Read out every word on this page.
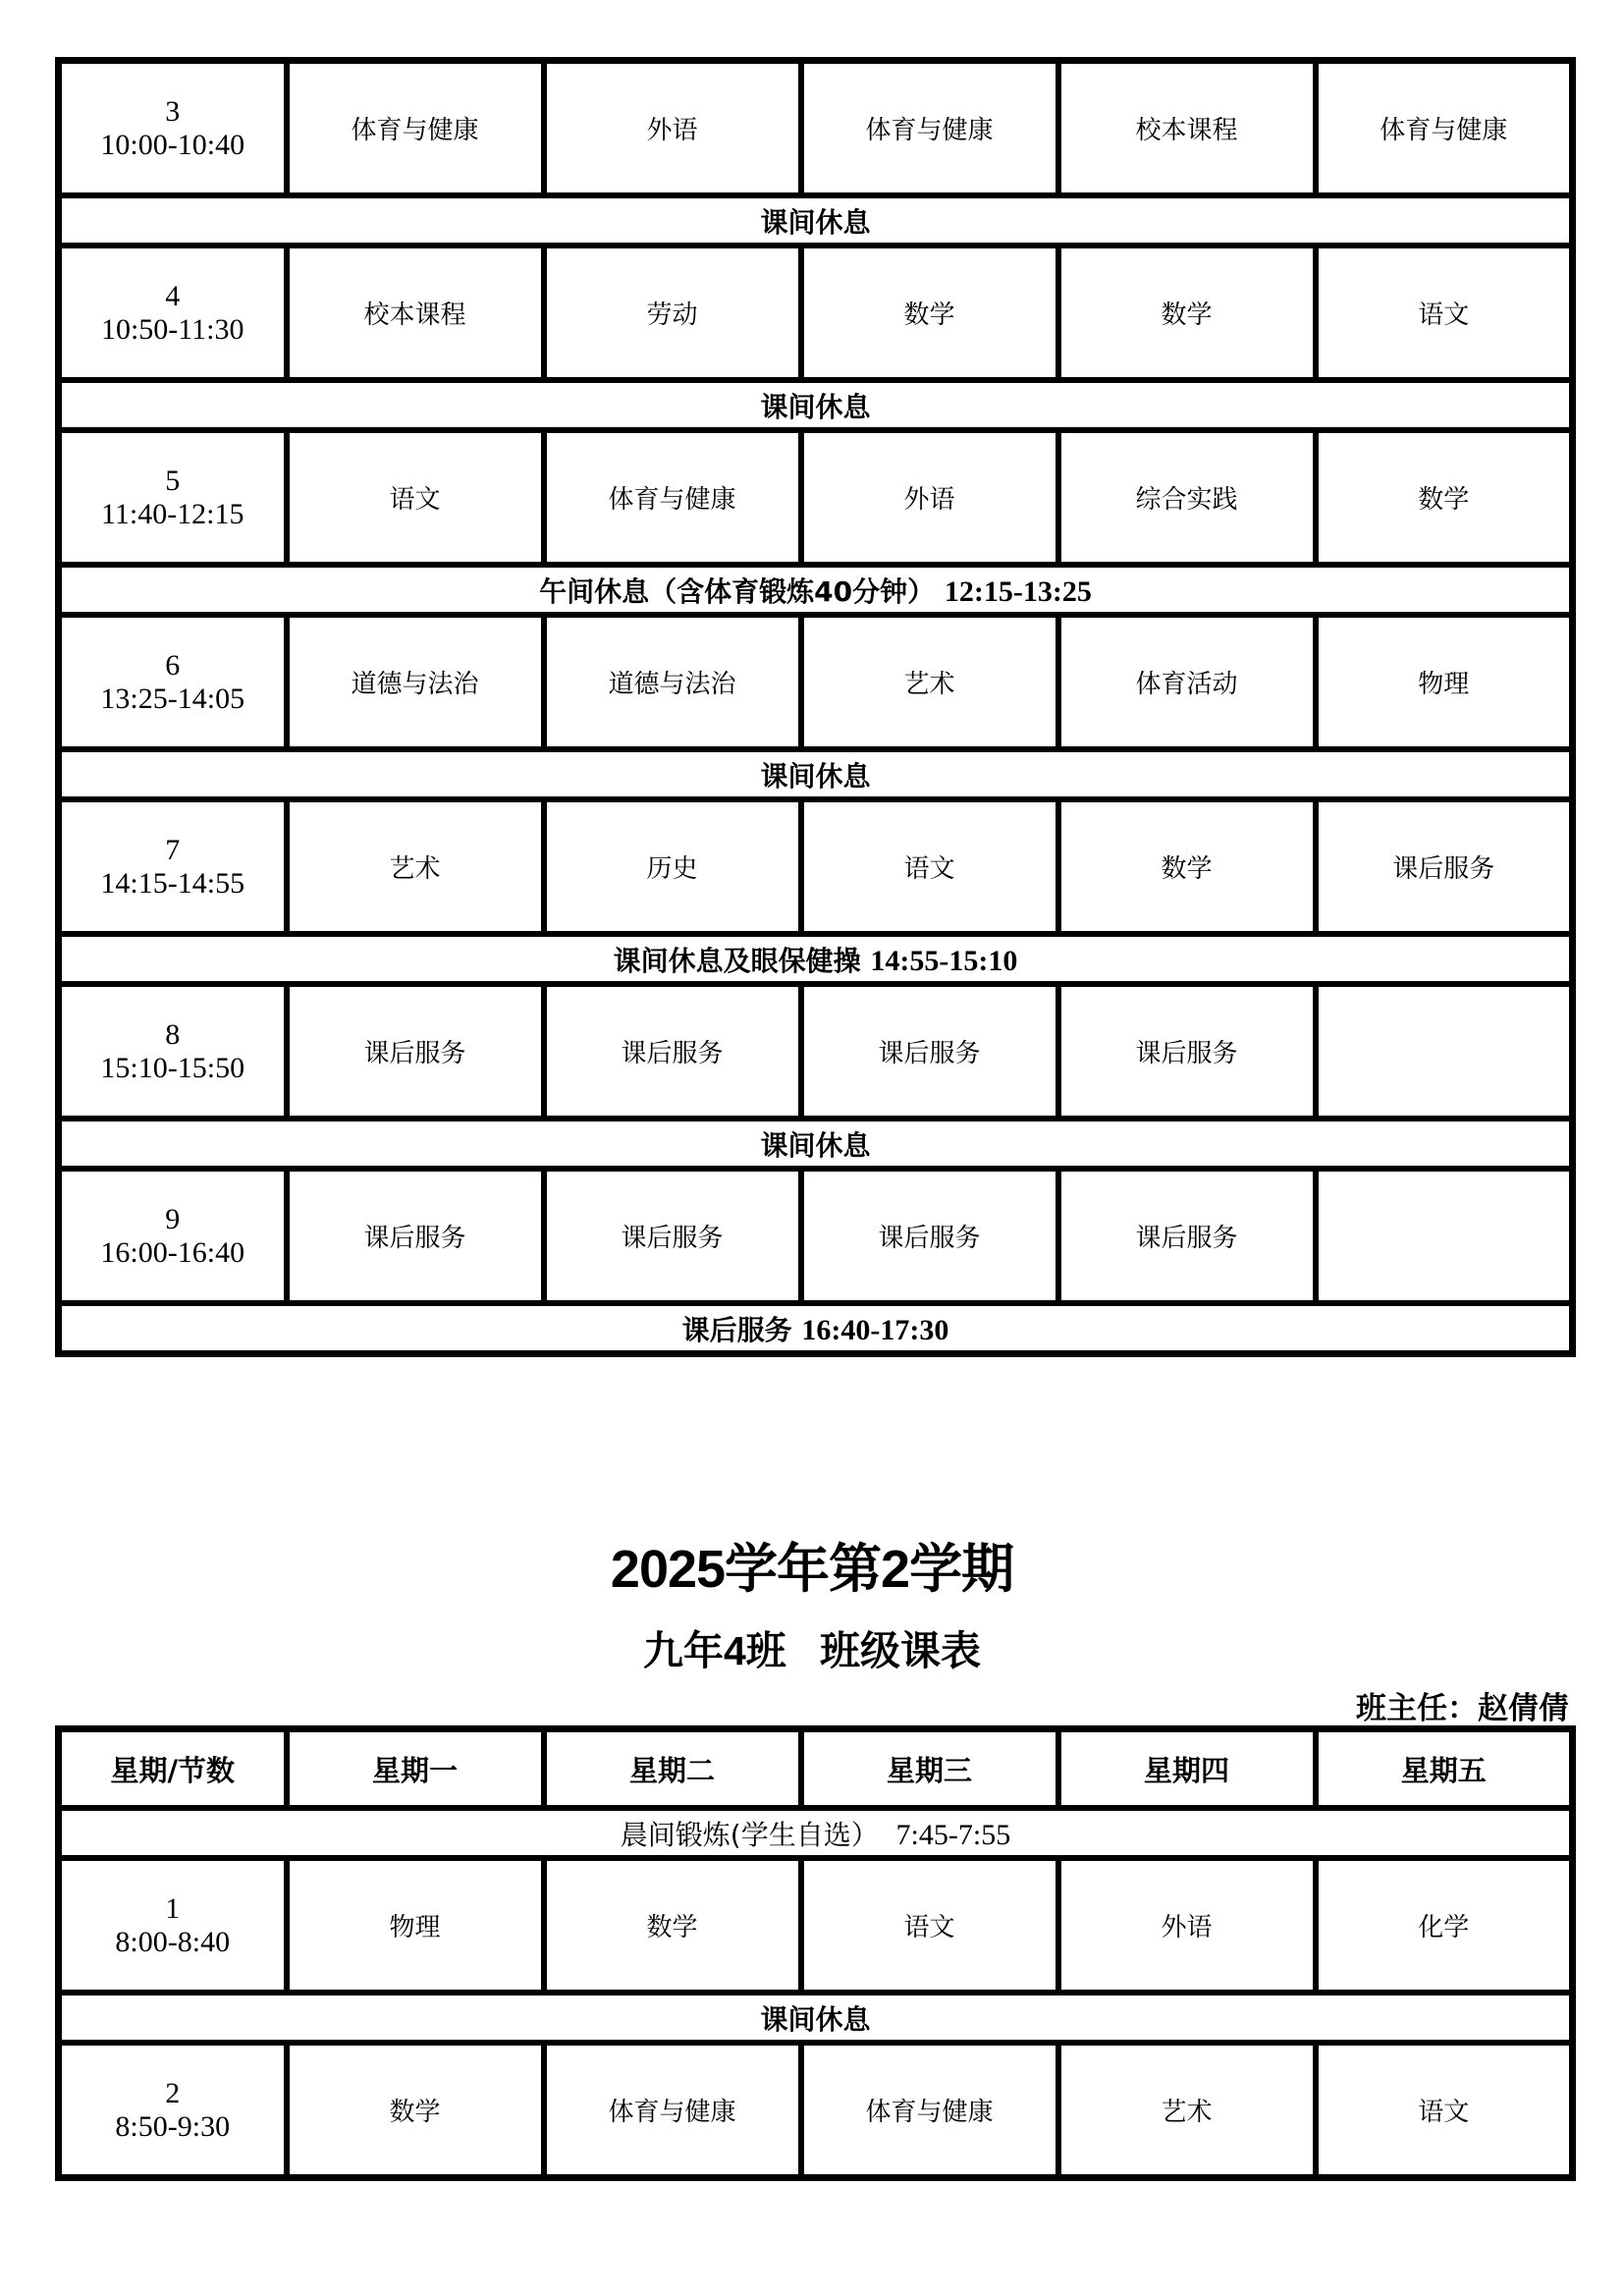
3
10:00-10:40	体育与健康	外语	体育与健康	校本课程	体育与健康
课间休息					

4
10:50-11:30	校本课程	劳动	数学	数学	语文
课间休息					

5
11:40-12:15	语文	体育与健康	外语	综合实践	数学
午间休息（含体育锻炼40分钟） 12:15-13:25					

6
13:25-14:05	道德与法治	道德与法治	艺术	体育活动	物理
课间休息					

7
14:15-14:55	艺术	历史	语文	数学	课后服务
课间休息及眼保健操 14:55-15:10					

8
15:10-15:50	课后服务	课后服务	课后服务	课后服务	
课间休息					

9
16:00-16:40	课后服务	课后服务	课后服务	课后服务	
课后服务 16:40-17:30					
2025学年第2学期
九年4班   班级课表
班主任：赵倩倩
星期/节数	星期一	星期二	星期三	星期四	星期五
晨间锻炼(学生自选）  7:45-7:55					

1
8:00-8:40	物理	数学	语文	外语	化学
课间休息					

2
8:50-9:30	数学	体育与健康	体育与健康	艺术	语文
